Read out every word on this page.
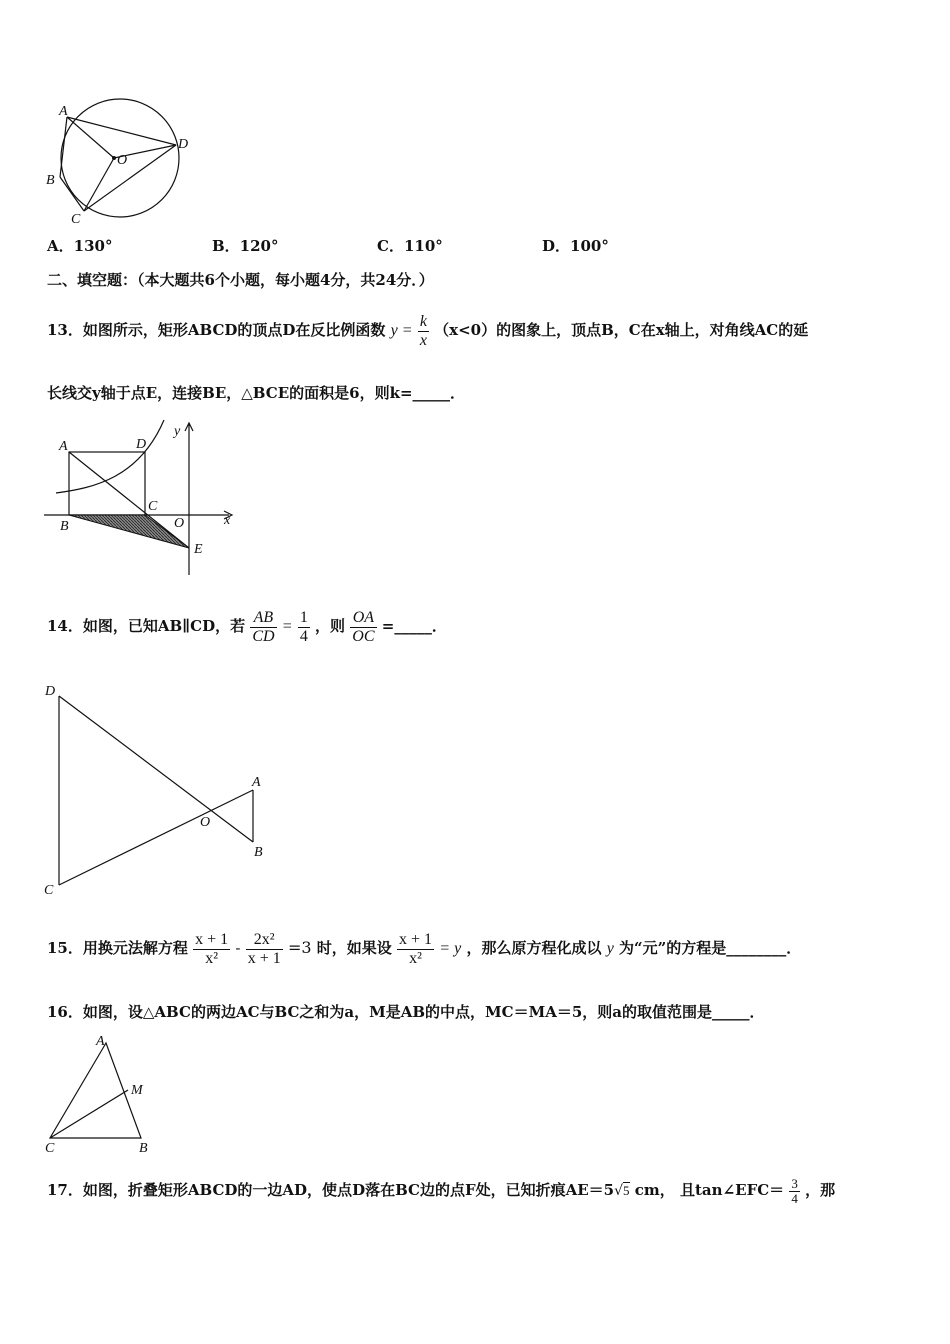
A
O
D
B
C
A．130°	B．120°	C．110°	D．100°
二、填空题：（本大题共6个小题，每小题4分，共24分．）
13．如图所示，矩形ABCD的顶点D在反比例函数 $y = \frac{k}{x} (x<0)$的图象上，顶点B，C在x轴上，对角线AC的延
长线交y轴于点E，连接BE，△BCE的面积是6，则k=_____．
A	D
y
C
B	O	x
E
14．如图，已知AB∥CD，若 $\frac{AB}{CD} = \frac{1}{4}$ ，则 $\frac{OA}{OC}$ =_____．
D
A
O
B
C
15．用换元法解方程 $\frac{x + 1}{\text{x²}} - \frac{\text{2x²}}{x + 1} =3$ 时，如果设 $\frac{x + 1}{\text{x²}} = y$ ，那么原方程化成以 y 为“元”的方程是________．
16．如图，设△ABC的两边AC与BC之和为a，M是AB的中点，MC＝MA＝5，则a的取值范围是_____．
A
M
C	B
17．如图，折叠矩形ABCD的一边AD，使点D落在BC边的点F处，已知折痕AE＝5√5 cm， 且tan∠EFC＝ $\frac{3}{4}$ ，那
